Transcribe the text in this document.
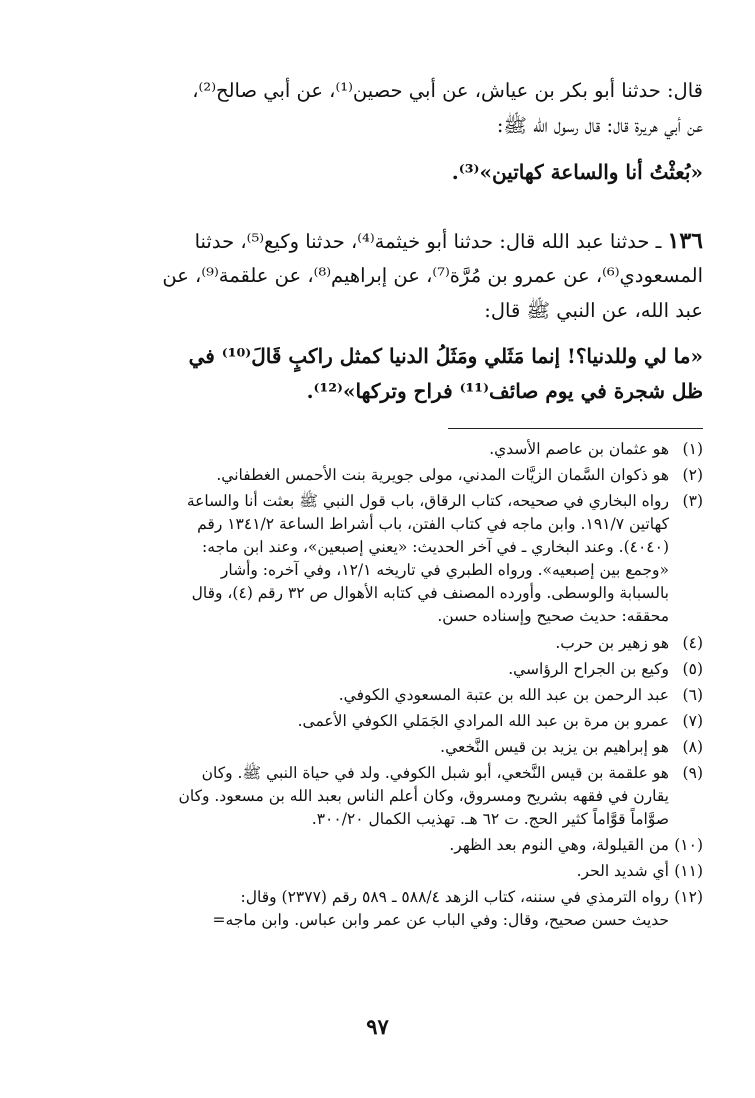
قال: حدثنا أبو بكر بن عياش، عن أبي حصين⁽¹⁾، عن أبي صالح⁽²⁾،
عن أبي هريرة قال: قال رسول الله ﷺ:
«بُعثْتُ أنا والساعة كهاتين»⁽³⁾.
١٣٦ ـ حدثنا عبد الله قال: حدثنا أبو خيثمة⁽⁴⁾، حدثنا وكيع⁽⁵⁾، حدثنا
المسعودي⁽⁶⁾، عن عمرو بن مُرَّة⁽⁷⁾، عن إبراهيم⁽⁸⁾، عن علقمة⁽⁹⁾، عن
عبد الله، عن النبي ﷺ قال:
«ما لي وللدنيا؟! إنما مَثَلي ومَثَلُ الدنيا كمثل راكبٍ قَالَ⁽¹⁰⁾ في
ظل شجرة في يوم صائف⁽¹¹⁾ فراح وتركها»⁽¹²⁾.
(١)هو عثمان بن عاصم الأسدي.
(٢)هو ذكوان السَّمان الزيَّات المدني، مولى جويرية بنت الأحمس الغطفاني.
(٣)رواه البخاري في صحيحه، كتاب الرقاق، باب قول النبي ﷺ بعثت أنا والساعة
كهاتين ١٩١/٧. وابن ماجه في كتاب الفتن، باب أشراط الساعة ١٣٤١/٢ رقم
(٤٠٤٠). وعند البخاري ـ في آخر الحديث: «يعني إصبعين»، وعند ابن ماجه:
«وجمع بين إصبعيه». ورواه الطبري في تاريخه ١٢/١، وفي آخره: وأشار
بالسبابة والوسطى. وأورده المصنف في كتابه الأهوال ص ٣٢ رقم (٤)، وقال
محققه: حديث صحيح وإسناده حسن.
(٤)هو زهير بن حرب.
(٥)وكيع بن الجراح الرؤاسي.
(٦)عبد الرحمن بن عبد الله بن عتبة المسعودي الكوفي.
(٧)عمرو بن مرة بن عبد الله المرادي الجَمَلي الكوفي الأعمى.
(٨)هو إبراهيم بن يزيد بن قيس النَّخعي.
(٩)هو علقمة بن قيس النَّخعي، أبو شبل الكوفي. ولد في حياة النبي ﷺ. وكان
يقارن في فقهه بشريح ومسروق، وكان أعلم الناس بعبد الله بن مسعود. وكان
صوَّاماً قوَّاماً كثير الحج. ت ٦٢ هـ. تهذيب الكمال ٣٠٠/٢٠.
(١٠)من القيلولة، وهي النوم بعد الظهر.
(١١)أي شديد الحر.
(١٢)رواه الترمذي في سننه، كتاب الزهد ٥٨٨/٤ ـ ٥٨٩ رقم (٢٣٧٧) وقال:
حديث حسن صحيح، وقال: وفي الباب عن عمر وابن عباس. وابن ماجه=
٩٧
